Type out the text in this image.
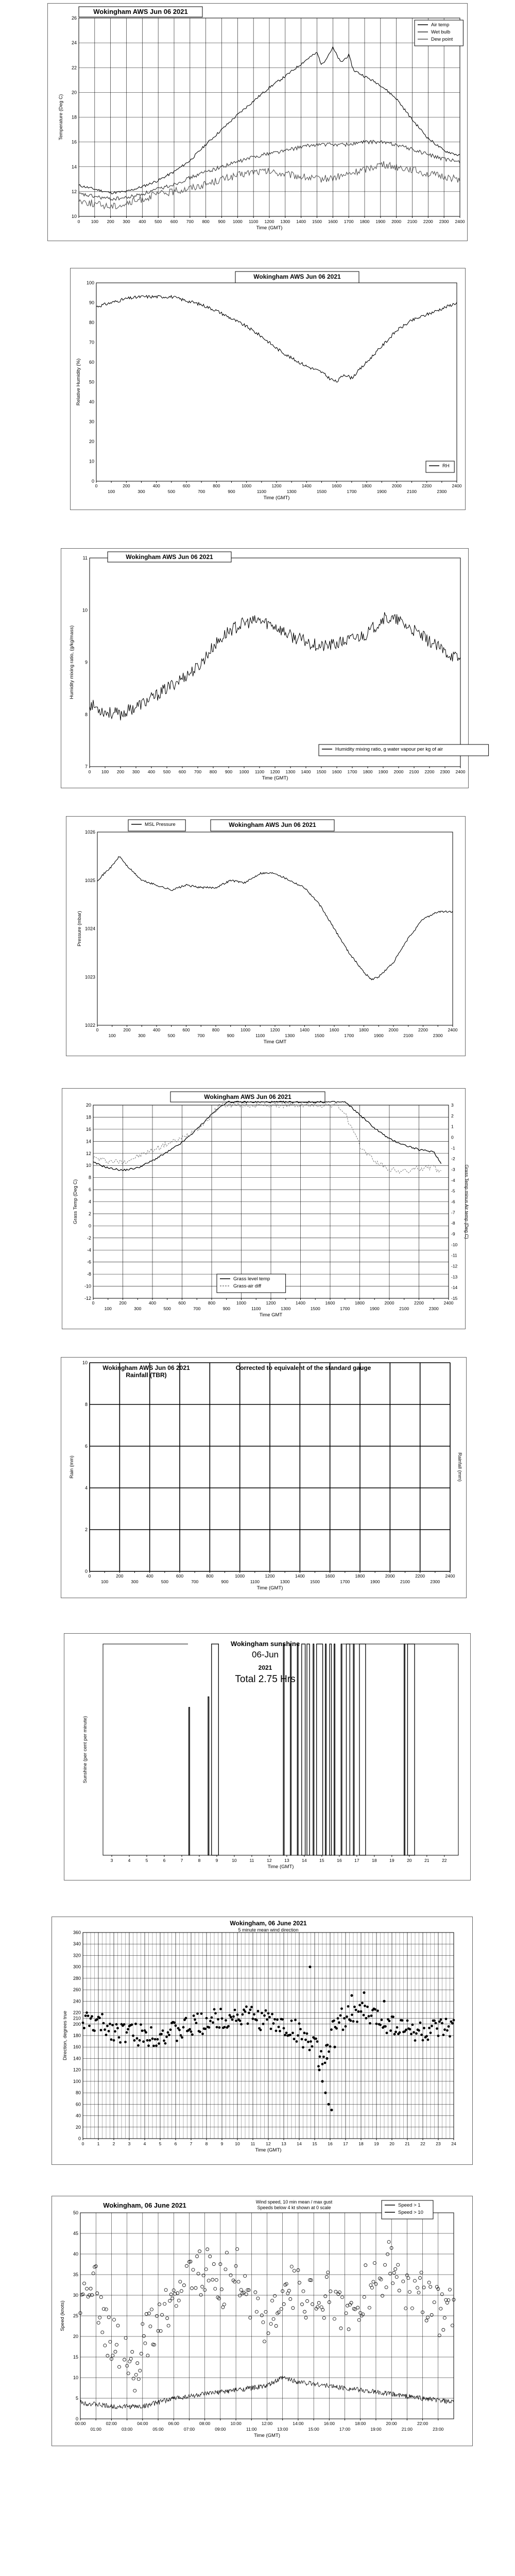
10
12
14
16
18
20
22
24
26
0	100 200 300 400 500 600 700 800 900 1000 1100 1200 1300 1400 1500 1600 1700 1800 1900 2000 2100 2200 2300 2400
Time (GMT)
Temperature (Deg C)
Wokingham AWS Jun 06 2021
Air temp
Wet bulb
Dew point
0
10
20
30
40
50
60
70
80
90
100
0	200	400	600	800	1000	1200	1400	1600	1800	2000	2200	2400
100	300	500	700	900	1100	1300	1500	1700	1900	2100	2300
Time (GMT)
Relative Humidity (%)
Wokingham AWS Jun 06 2021
RH
7
8
9
10
11
0 100 200 300 400 500 600 700 800 900 1000 1100 1200 1300 1400 1500 1600 1700 1800 1900 2000 2100 2200 2300 2400
Time (GMT)
Humidity mixing ratio, (g/kg/mass)
Wokingham AWS Jun 06 2021
Humidity mixing ratio, g water vapour per kg of air
1022
1023
1024
1025
1026
0	200	400	600	800	1000	1200	1400	1600	1800	2000	2200	2400
100	300	500	700	900	1100	1300	1500	1700	1900	2100	2300
Time GMT
Pressure (mbar)
Wokingham AWS Jun 06 2021
MSL Pressure
-12
-10
-8
-6
-4
-2
0
2
4
6
8
10
12
14
16
18
20
0	200	400	600	800	1000	1200	1400	1600	1800	2000	2200	2400
100	300	500	700	900	1100	1300	1500	1700	1900	2100	2300
Time GMT
Grass Temp (Deg C)
Wokingham AWS Jun 06 2021
-15
-14
-13
-12
-11
-10
-9
-8
-7
-6
-5
-4
-3
-2
-1
0
1
2
3
Grass Temp minus Air temp (Deg C)
Grass level temp
Grass-air diff
0
2
4
6
8
10
0	200	400	600	800	1000	1200	1400	1600	1800	2000	2200	2400
100	300	500	700	900	1100	1300	1500	1700	1900	2100	2300
Time (GMT)
Rain (mm)
Wokingham AWS Jun 06 2021
Rainfall (TBR)
Corrected to equivalent of the standard gauge
Rainfall (mm)
3	4	5	6	7	8	9	10	11	12	13	14	15	16	17	18	19	20	21	22
Time (GMT)
Sunshine (per cent per minute)
Wokingham sunshine
06-Jun
2021
Total 2.75 Hrs
0
20
40
60
80
100
120
140
160
180
200
210
220
240
260
280
300
320
340
360
0	1	2	3	4	5	6	7	8	9	10 11 12 13 14 15 16 17 18 19 20 21 22 23 24
Time (GMT)
Direction, degrees true
Wokingham, 06 June 2021
5 minute mean wind direction
0
5
10
15
20
25
30
35
40
45
50
00:00	02:00	04:00	06:00	08:00	10:00	12:00	14:00	16:00	18:00	20:00	22:00
01:00	03:00	05:00	07:00	09:00	11:00	13:00	15:00	17:00	19:00	21:00	23:00
Time (GMT)
Speed (knots)
Wokingham, 06 June 2021	Wind speed, 10 min mean / max gust
Speeds below 4 kt shown at 0 scale	Speed > 1
Speed > 10
